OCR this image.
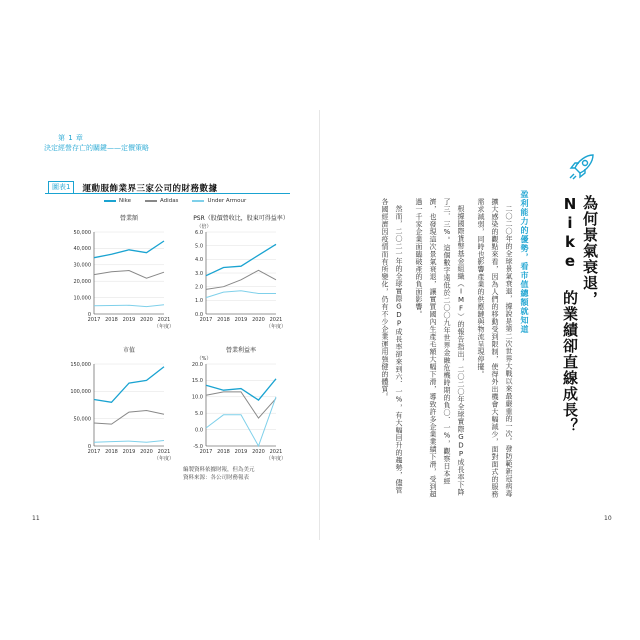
第 1 章
決定經營存亡的關鍵——定價策略
圖表1	運動服飾業界三家公司的財務數據
Nike	Adidas	Under Armour
營業額
0
10,000
20,000
30,000
40,000
50,000
2017 2018 2019 2020 2021
（年度）
PSR（股價營收比，股東可得益率）
（倍）
0.0
1.0
2.0
3.0
4.0
5.0
6.0
2017 2018 2019 2020 2021
（年度）
市值
0
50,000
100,000
150,000
2017 2018 2019 2020 2021
（年度）
營業利益率
（%）
-5.0
0.0
5.0
10.0
15.0
20.0
2017 2018 2019 2020 2021
（年度）
編製資料依據財報，但為美元
資料來源：各公司財務報表
11
為何景氣衰退，
Nike 的業績卻直線成長？
盈利能力的優勢，看市值總額就知道

二〇二〇年的全球景氣衰退，據說是第二次世界大戰以來最嚴重的一次。發防範新冠病毒擴大感染的觀點來看，因為人們的移動受到限制，使得外出機會大幅減少，面對面式的服務需求減弱，同時也影響產業的供應鏈與物流呈現停擺。

根據國際貨幣基金組織（IMF）的報告指出，二〇二〇年全球實際GDP成長率下降了三．三%。這個數字遠低於二〇〇九年世界金融危機時期的負〇．一%，觀察日本經濟，也發現這次景氣衰退，讓實質國內生產毛額大幅下滑，導致許多企業業績下滑，受到超過一千家企業面臨破產的負面影響。

然而，二〇二一年的全球實際GDP成長率卻來到六．一%，有大幅回升的趨勢，儘管各國經濟因疫情而有所變化，仍有不少企業運用強健的體質。

10
